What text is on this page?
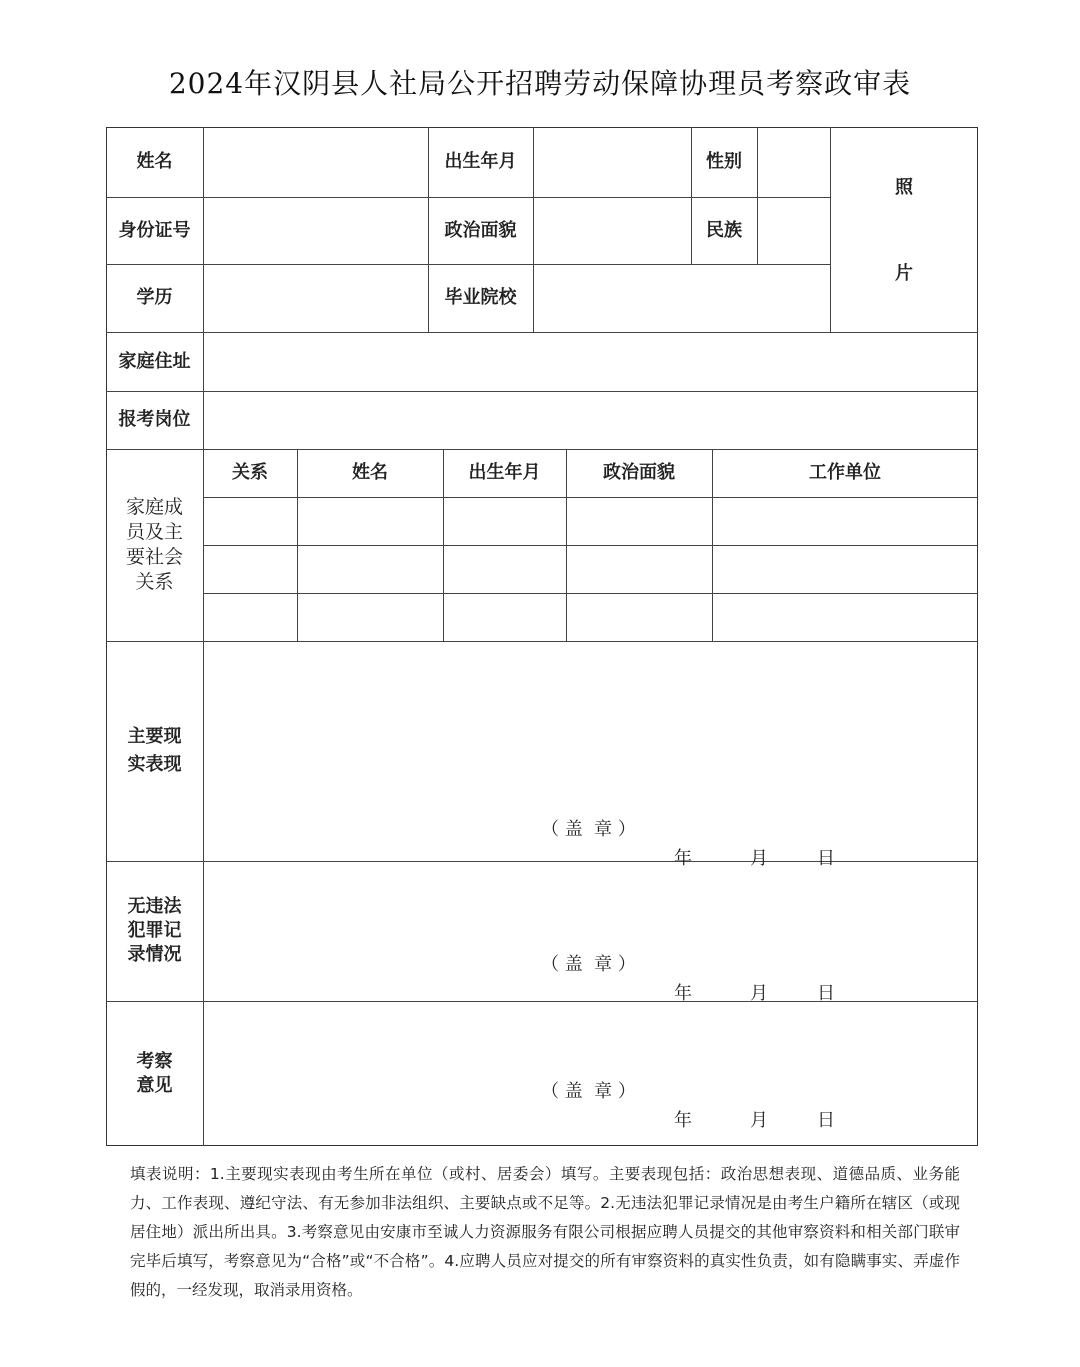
2024年汉阴县人社局公开招聘劳动保障协理员考察政审表
姓名	出生年月	性别
照
片
身份证号	政治面貌	民族
学历	毕业院校
家庭住址
报考岗位
家庭成
员及主
要社会
关系
关系	姓名	出生年月	政治面貌	工作单位
主要现
实表现
（ 盖  章 ）
年	月	日
无违法
犯罪记
录情况	（ 盖  章 ）
年	月	日
考察
意见	（ 盖  章 ）
年	月	日
填表说明：1.主要现实表现由考生所在单位（或村、居委会）填写。主要表现包括：政治思想表现、道德品质、业务能力、工作表现、遵纪守法、有无参加非法组织、主要缺点或不足等。2.无违法犯罪记录情况是由考生户籍所在辖区（或现居住地）派出所出具。3.考察意见由安康市至诚人力资源服务有限公司根据应聘人员提交的其他审察资料和相关部门联审完毕后填写，考察意见为“合格”或“不合格”。4.应聘人员应对提交的所有审察资料的真实性负责，如有隐瞒事实、弄虚作假的，一经发现，取消录用资格。
